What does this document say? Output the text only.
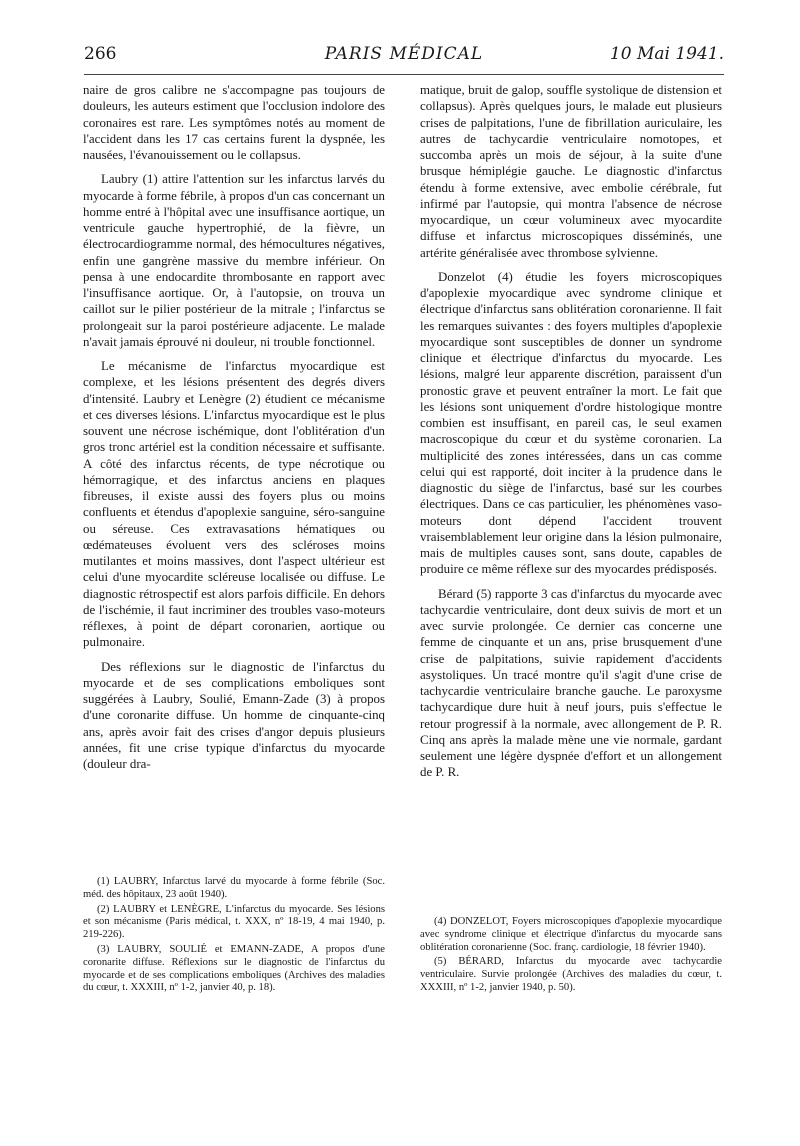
266	PARIS MÉDICAL	10 Mai 1941.

naire de gros calibre ne s'accompagne pas toujours de douleurs, les auteurs estiment que l'occlusion indolore des coronaires est rare. Les symptômes notés au moment de l'accident dans les 17 cas certains furent la dyspnée, les nausées, l'évanouissement ou le collapsus.

Laubry (1) attire l'attention sur les infarctus larvés du myocarde à forme fébrile, à propos d'un cas concernant un homme entré à l'hôpital avec une insuffisance aortique, un ventricule gauche hypertrophié, de la fièvre, un électrocardiogramme normal, des hémocultures négatives, enfin une gangrène massive du membre inférieur. On pensa à une endocardite thrombosante en rapport avec l'insuffisance aortique. Or, à l'autopsie, on trouva un caillot sur le pilier postérieur de la mitrale ; l'infarctus se prolongeait sur la paroi postérieure adjacente. Le malade n'avait jamais éprouvé ni douleur, ni trouble fonctionnel.

Le mécanisme de l'infarctus myocardique est complexe, et les lésions présentent des degrés divers d'intensité. Laubry et Lenègre (2) étudient ce mécanisme et ces diverses lésions. L'infarctus myocardique est le plus souvent une nécrose ischémique, dont l'oblitération d'un gros tronc artériel est la condition nécessaire et suffisante. A côté des infarctus récents, de type nécrotique ou hémorragique, et des infarctus anciens en plaques fibreuses, il existe aussi des foyers plus ou moins confluents et étendus d'apoplexie sanguine, séro-sanguine ou séreuse. Ces extravasations hématiques ou œdémateuses évoluent vers des scléroses moins mutilantes et moins massives, dont l'aspect ultérieur est celui d'une myocardite scléreuse localisée ou diffuse. Le diagnostic rétrospectif est alors parfois difficile. En dehors de l'ischémie, il faut incriminer des troubles vaso-moteurs réflexes, à point de départ coronarien, aortique ou pulmonaire.

Des réflexions sur le diagnostic de l'infarctus du myocarde et de ses complications emboliques sont suggérées à Laubry, Soulié, Emann-Zade (3) à propos d'une coronarite diffuse. Un homme de cinquante-cinq ans, après avoir fait des crises d'angor depuis plusieurs années, fit une crise typique d'infarctus du myocarde (douleur dra-

(1) LAUBRY, Infarctus larvé du myocarde à forme fébrile (Soc. méd. des hôpitaux, 23 août 1940).

(2) LAUBRY et LENÈGRE, L'infarctus du myocarde. Ses lésions et son mécanisme (Paris médical, t. XXX, nº 18-19, 4 mai 1940, p. 219-226).

(3) LAUBRY, SOULIÉ et EMANN-ZADE, A propos d'une coronarite diffuse. Réflexions sur le diagnostic de l'infarctus du myocarde et de ses complications emboliques (Archives des maladies du cœur, t. XXXIII, nº 1-2, janvier 40, p. 18).

matique, bruit de galop, souffle systolique de distension et collapsus). Après quelques jours, le malade eut plusieurs crises de palpitations, l'une de fibrillation auriculaire, les autres de tachycardie ventriculaire nomotopes, et succomba après un mois de séjour, à la suite d'une brusque hémiplégie gauche. Le diagnostic d'infarctus étendu à forme extensive, avec embolie cérébrale, fut infirmé par l'autopsie, qui montra l'absence de nécrose myocardique, un cœur volumineux avec myocardite diffuse et infarctus microscopiques disséminés, une artérite généralisée avec thrombose sylvienne.

Donzelot (4) étudie les foyers microscopiques d'apoplexie myocardique avec syndrome clinique et électrique d'infarctus sans oblitération coronarienne. Il fait les remarques suivantes : des foyers multiples d'apoplexie myocardique sont susceptibles de donner un syndrome clinique et électrique d'infarctus du myocarde. Les lésions, malgré leur apparente discrétion, paraissent d'un pronostic grave et peuvent entraîner la mort. Le fait que les lésions sont uniquement d'ordre histologique montre combien est insuffisant, en pareil cas, le seul examen macroscopique du cœur et du système coronarien. La multiplicité des zones intéressées, dans un cas comme celui qui est rapporté, doit inciter à la prudence dans le diagnostic du siège de l'infarctus, basé sur les courbes électriques. Dans ce cas particulier, les phénomènes vaso-moteurs dont dépend l'accident trouvent vraisemblablement leur origine dans la lésion pulmonaire, mais de multiples causes sont, sans doute, capables de produire ce même réflexe sur des myocardes prédisposés.

Bérard (5) rapporte 3 cas d'infarctus du myocarde avec tachycardie ventriculaire, dont deux suivis de mort et un avec survie prolongée. Ce dernier cas concerne une femme de cinquante et un ans, prise brusquement d'une crise de palpitations, suivie rapidement d'accidents asystoliques. Un tracé montre qu'il s'agit d'une crise de tachycardie ventriculaire branche gauche. Le paroxysme tachycardique dure huit à neuf jours, puis s'effectue le retour progressif à la normale, avec allongement de P. R. Cinq ans après la malade mène une vie normale, gardant seulement une légère dyspnée d'effort et un allongement de P. R.

(4) DONZELOT, Foyers microscopiques d'apoplexie myocardique avec syndrome clinique et électrique d'infarctus du myocarde sans oblitération coronarienne (Soc. franç. cardiologie, 18 février 1940).

(5) BÉRARD, Infarctus du myocarde avec tachycardie ventriculaire. Survie prolongée (Archives des maladies du cœur, t. XXXIII, nº 1-2, janvier 1940, p. 50).
